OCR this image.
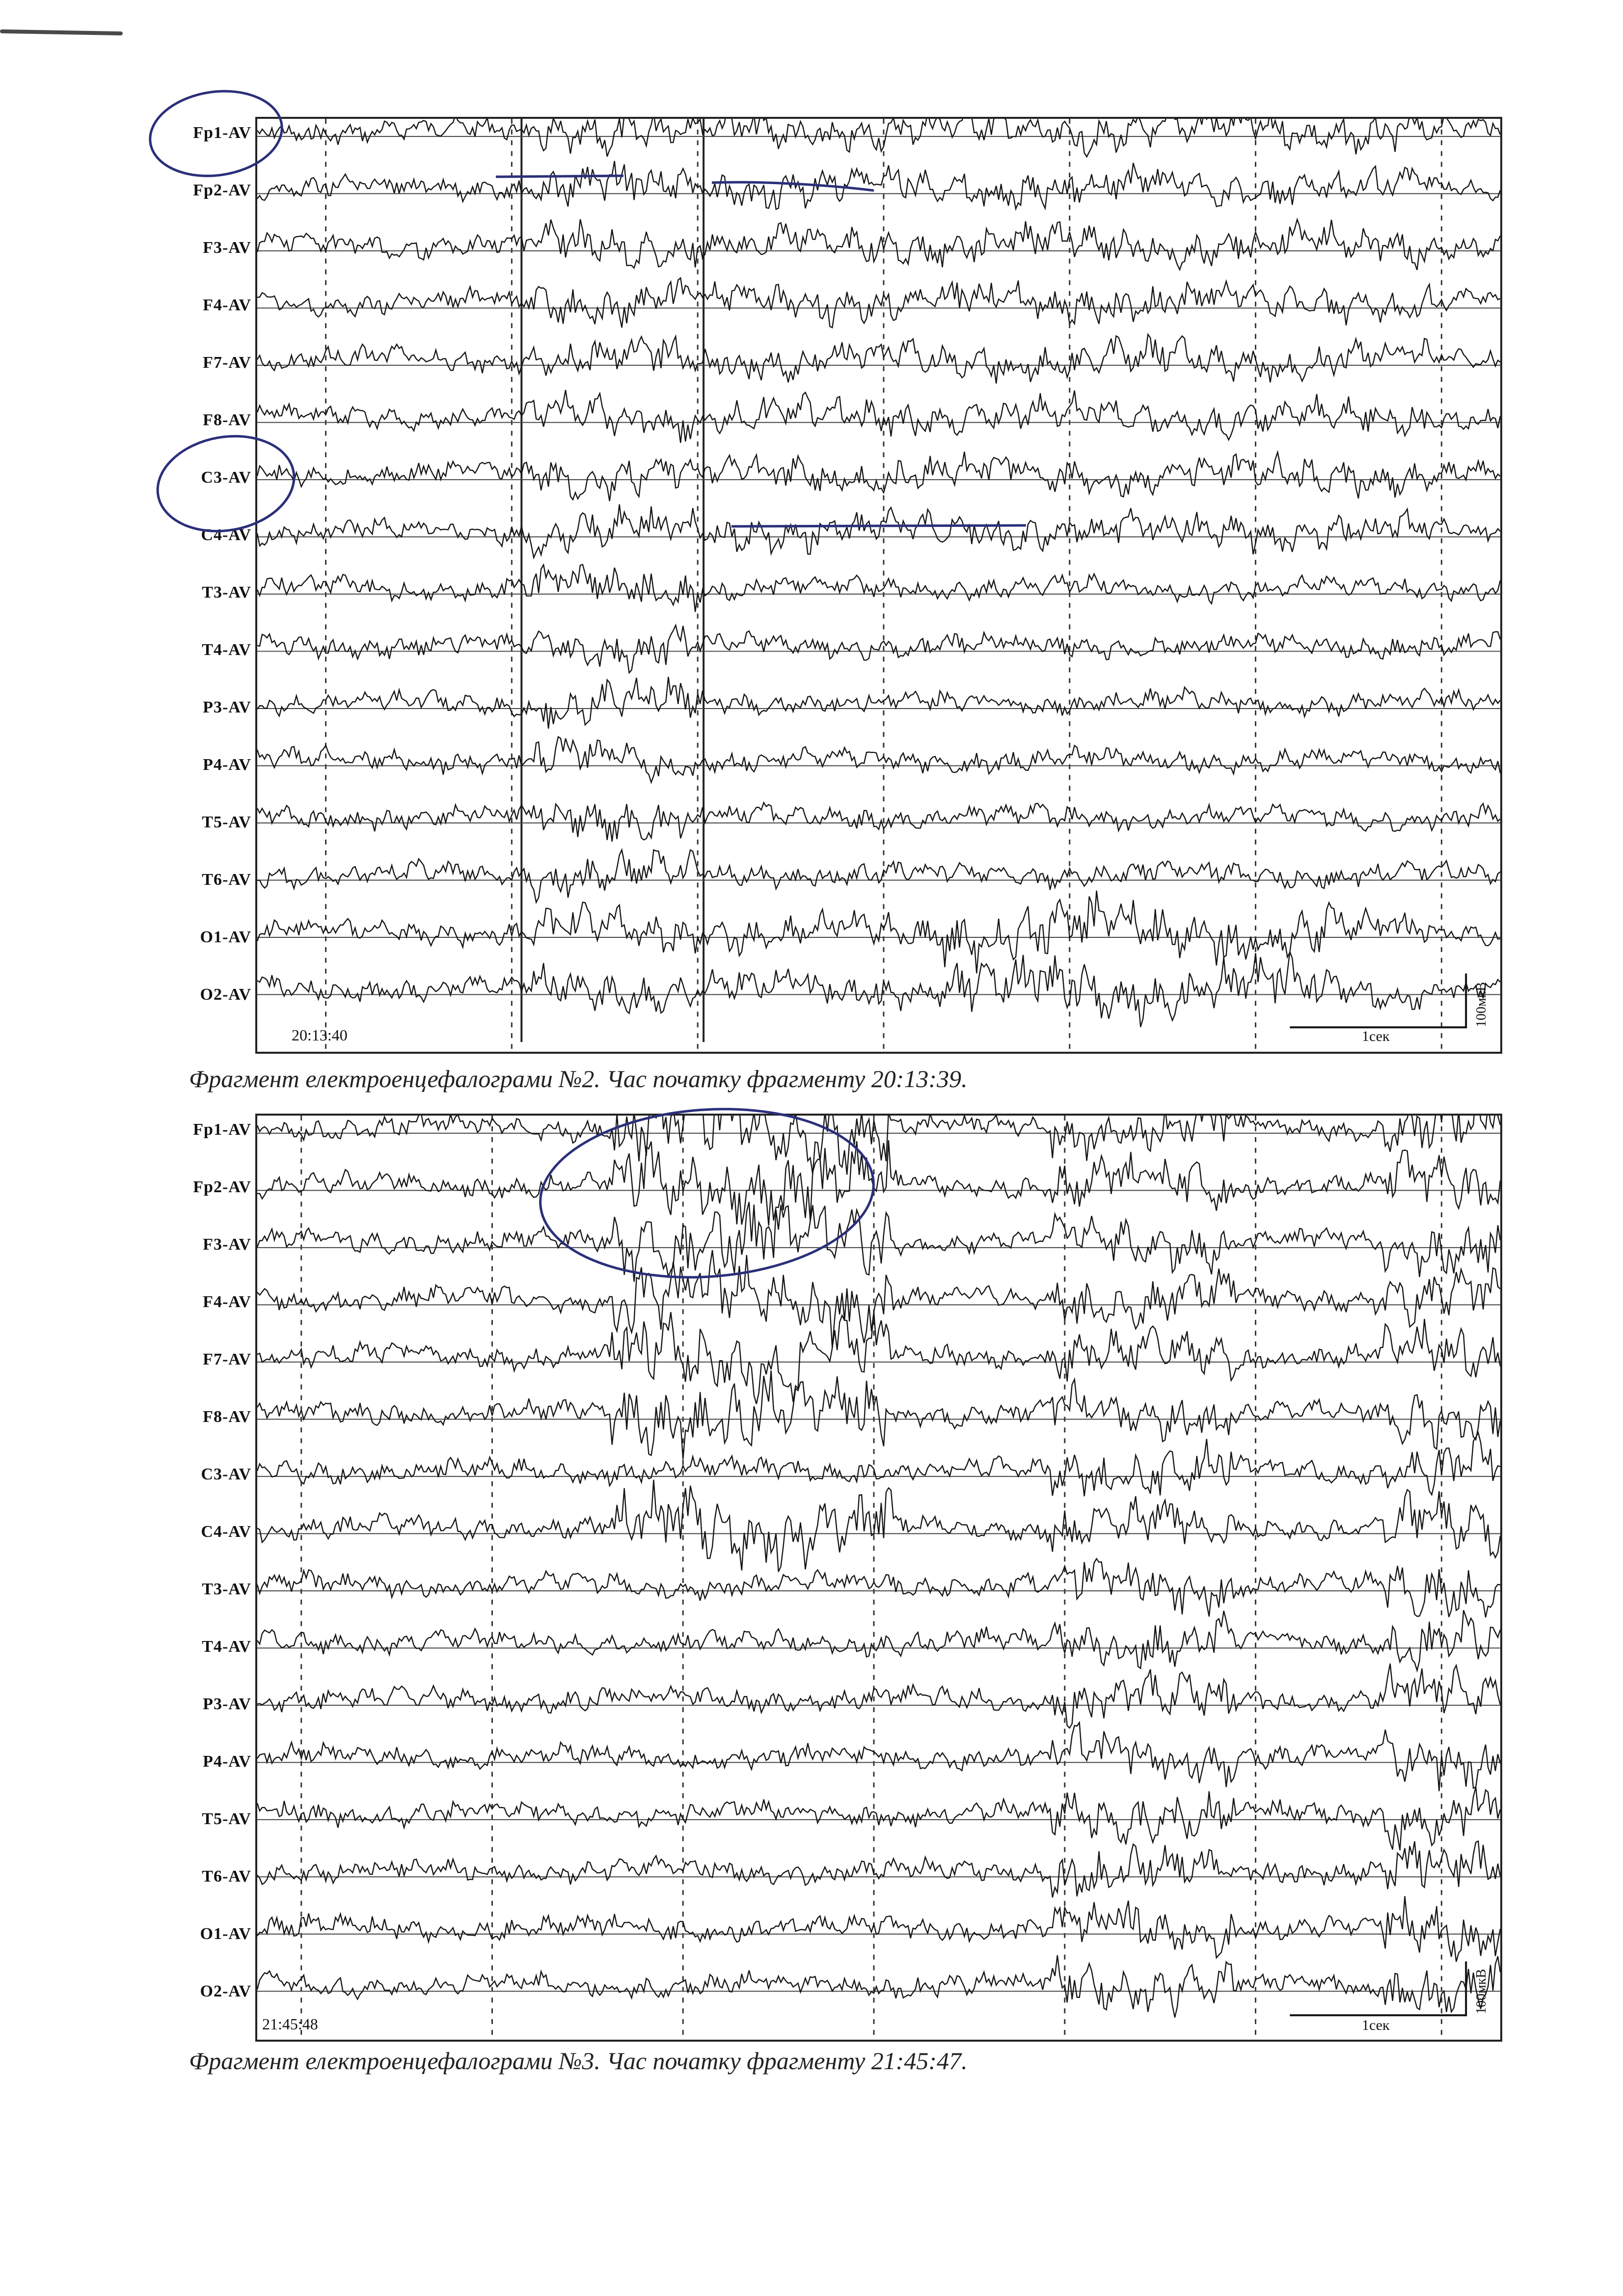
Fp1-AV
Fp2-AV
F3-AV
F4-AV
F7-AV
F8-AV
C3-AV
C4-AV
T3-AV
T4-AV
P3-AV
P4-AV
T5-AV
T6-AV
O1-AV
O2-AV
20:13:40	1сек
100мкВ
Фрагмент електроенцефалограми №2. Час початку фрагменту 20:13:39.
Fp1-AV
Fp2-AV
F3-AV
F4-AV
F7-AV
F8-AV
C3-AV
C4-AV
T3-AV
T4-AV
P3-AV
P4-AV
T5-AV
T6-AV
O1-AV
O2-AV
21:45:48	1сек
100мкВ
Фрагмент електроенцефалограми №3. Час початку фрагменту 21:45:47.
